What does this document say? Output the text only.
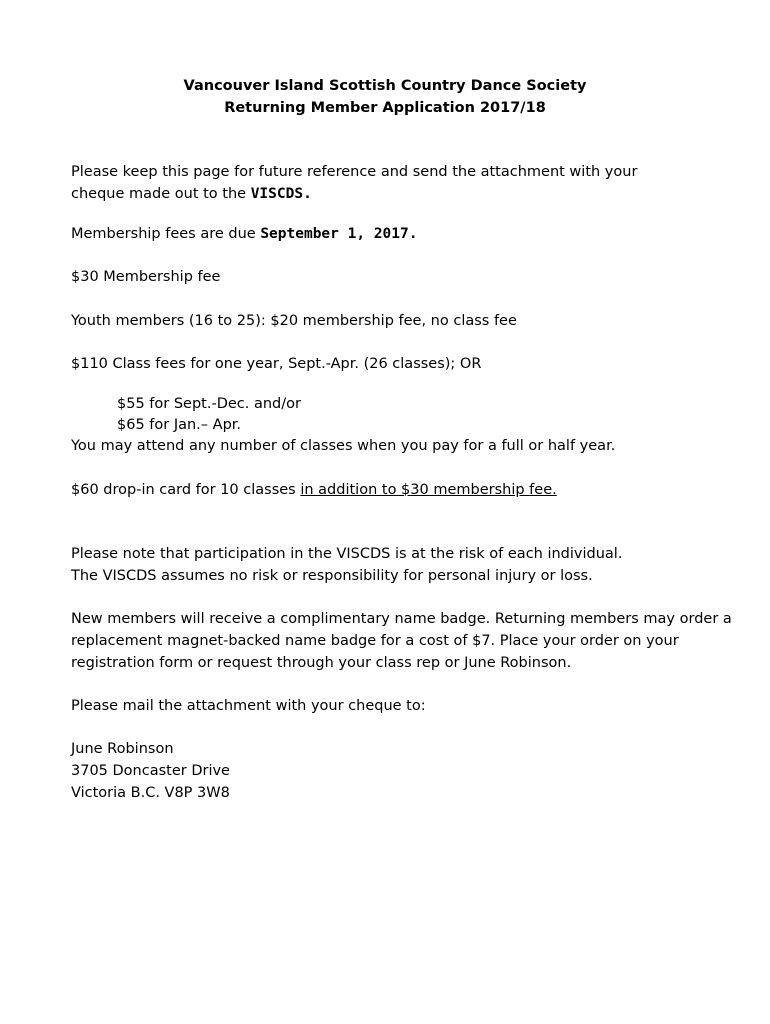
Vancouver Island Scottish Country Dance Society
Returning Member Application 2017/18
Please keep this page for future reference and send the attachment with your
cheque made out to the VISCDS.
Membership fees are due September 1, 2017.
$30 Membership fee
Youth members (16 to 25): $20 membership fee, no class fee
$110 Class fees for one year, Sept.-Apr. (26 classes); OR
$55 for Sept.-Dec. and/or
$65 for Jan.– Apr.
You may attend any number of classes when you pay for a full or half year.
$60 drop-in card for 10 classes in addition to $30 membership fee.
Please note that participation in the VISCDS is at the risk of each individual.
The VISCDS assumes no risk or responsibility for personal injury or loss.
New members will receive a complimentary name badge. Returning members may order a
replacement magnet-backed name badge for a cost of $7. Place your order on your
registration form or request through your class rep or June Robinson.
Please mail the attachment with your cheque to:
June Robinson
3705 Doncaster Drive
Victoria B.C. V8P 3W8
